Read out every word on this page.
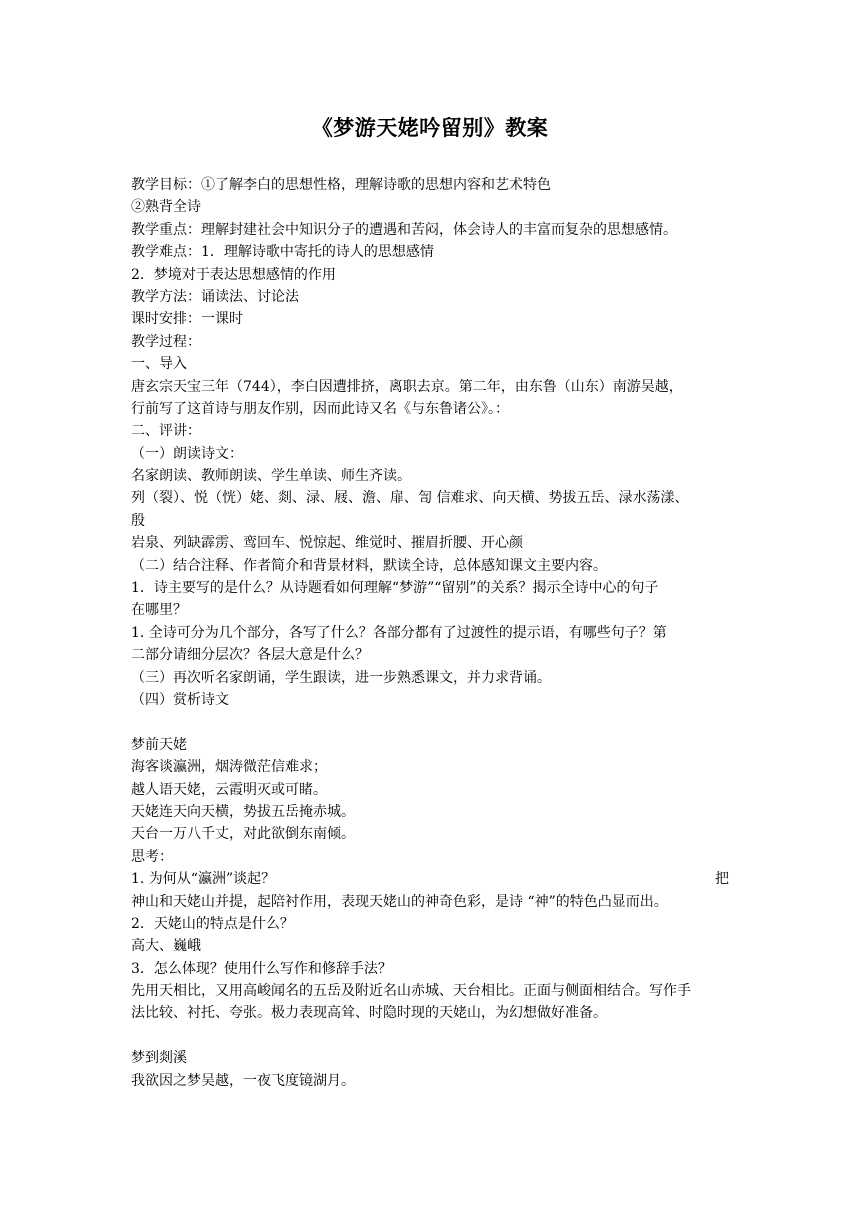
《梦游天姥吟留别》教案
教学目标：①了解李白的思想性格，理解诗歌的思想内容和艺术特色
②熟背全诗
教学重点：理解封建社会中知识分子的遭遇和苦闷，体会诗人的丰富而复杂的思想感情。
教学难点：1．理解诗歌中寄托的诗人的思想感情
2．梦境对于表达思想感情的作用
教学方法：诵读法、讨论法
课时安排：一课时
教学过程：
一、导入
唐玄宗天宝三年（744），李白因遭排挤，离职去京。第二年，由东鲁（山东）南游吴越，
行前写了这首诗与朋友作别，因而此诗又名《与东鲁诸公》。：
二、评讲：
（一）朗读诗文：
名家朗读、教师朗读、学生单读、师生齐读。
列（裂）、悦（恍）姥、剡、渌、屐、澹、扉、訇 信难求、向天横、势拔五岳、渌水荡漾、
殷
岩泉、列缺霹雳、鸾回车、悦惊起、维觉时、摧眉折腰、开心颜
（二）结合注释、作者简介和背景材料，默读全诗，总体感知课文主要内容。
1．诗主要写的是什么？从诗题看如何理解“梦游”“留别”的关系？揭示全诗中心的句子
在哪里？
1. 全诗可分为几个部分，各写了什么？各部分都有了过渡性的提示语，有哪些句子？第
二部分请细分层次？各层大意是什么？
（三）再次听名家朗诵，学生跟读，进一步熟悉课文，并力求背诵。
（四）赏析诗文
梦前天姥
海客谈瀛洲，烟涛微茫信难求；
越人语天姥，云霞明灭或可睹。
天姥连天向天横，势拔五岳掩赤城。
天台一万八千丈，对此欲倒东南倾。
思考：
1. 为何从“瀛洲”谈起？	把
神山和天姥山并提，起陪衬作用，表现天姥山的神奇色彩，是诗 “神”的特色凸显而出。
2．天姥山的特点是什么？
高大、巍峨
3．怎么体现？使用什么写作和修辞手法？
先用天相比，又用高峻闻名的五岳及附近名山赤城、天台相比。正面与侧面相结合。写作手
法比较、衬托、夸张。极力表现高耸、时隐时现的天姥山，为幻想做好准备。
梦到剡溪
我欲因之梦吴越，一夜飞度镜湖月。
